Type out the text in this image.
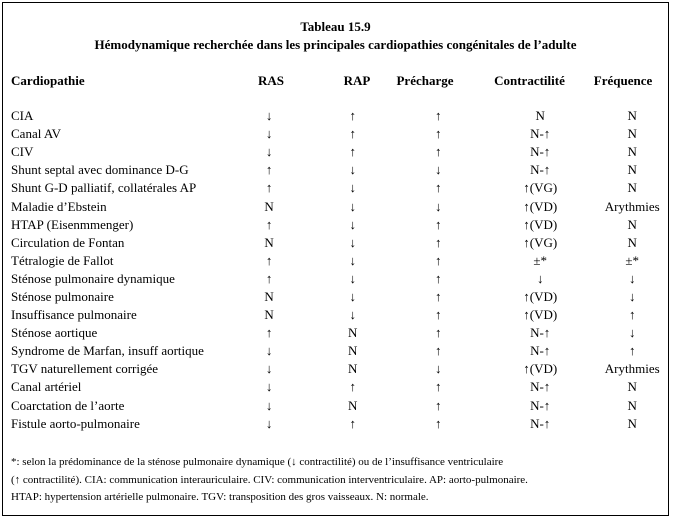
Tableau 15.9
Hémodynamique recherchée dans les principales cardiopathies congénitales de l’adulte
Cardiopathie	RAS	RAP	Précharge	Contractilité	Fréquence
CIA	↓	↑	↑	N	N
Canal AV	↓	↑	↑	N-↑	N
CIV	↓	↑	↑	N-↑	N
Shunt septal avec dominance D-G	↑	↓	↓	N-↑	N
Shunt G-D palliatif, collatérales AP	↑	↓	↑	↑(VG)	N
Maladie d’Ebstein	N	↓	↓	↑(VD)	Arythmies
HTAP (Eisenmmenger)	↑	↓	↑	↑(VD)	N
Circulation de Fontan	N	↓	↑	↑(VG)	N
Tétralogie de Fallot	↑	↓	↑	±*	±*
Sténose pulmonaire dynamique	↑	↓	↑	↓	↓
Sténose pulmonaire	N	↓	↑	↑(VD)	↓
Insuffisance pulmonaire	N	↓	↑	↑(VD)	↑
Sténose aortique	↑	N	↑	N-↑	↓
Syndrome de Marfan, insuff aortique	↓	N	↑	N-↑	↑
TGV naturellement corrigée	↓	N	↓	↑(VD)	Arythmies
Canal artériel	↓	↑	↑	N-↑	N
Coarctation de l’aorte	↓	N	↑	N-↑	N
Fistule aorto-pulmonaire	↓	↑	↑	N-↑	N
*: selon la prédominance de la sténose pulmonaire dynamique (↓ contractilité) ou de l’insuffisance ventriculaire
(↑ contractilité). CIA: communication interauriculaire. CIV: communication interventriculaire. AP: aorto-pulmonaire.
HTAP: hypertension artérielle pulmonaire. TGV: transposition des gros vaisseaux. N: normale.
